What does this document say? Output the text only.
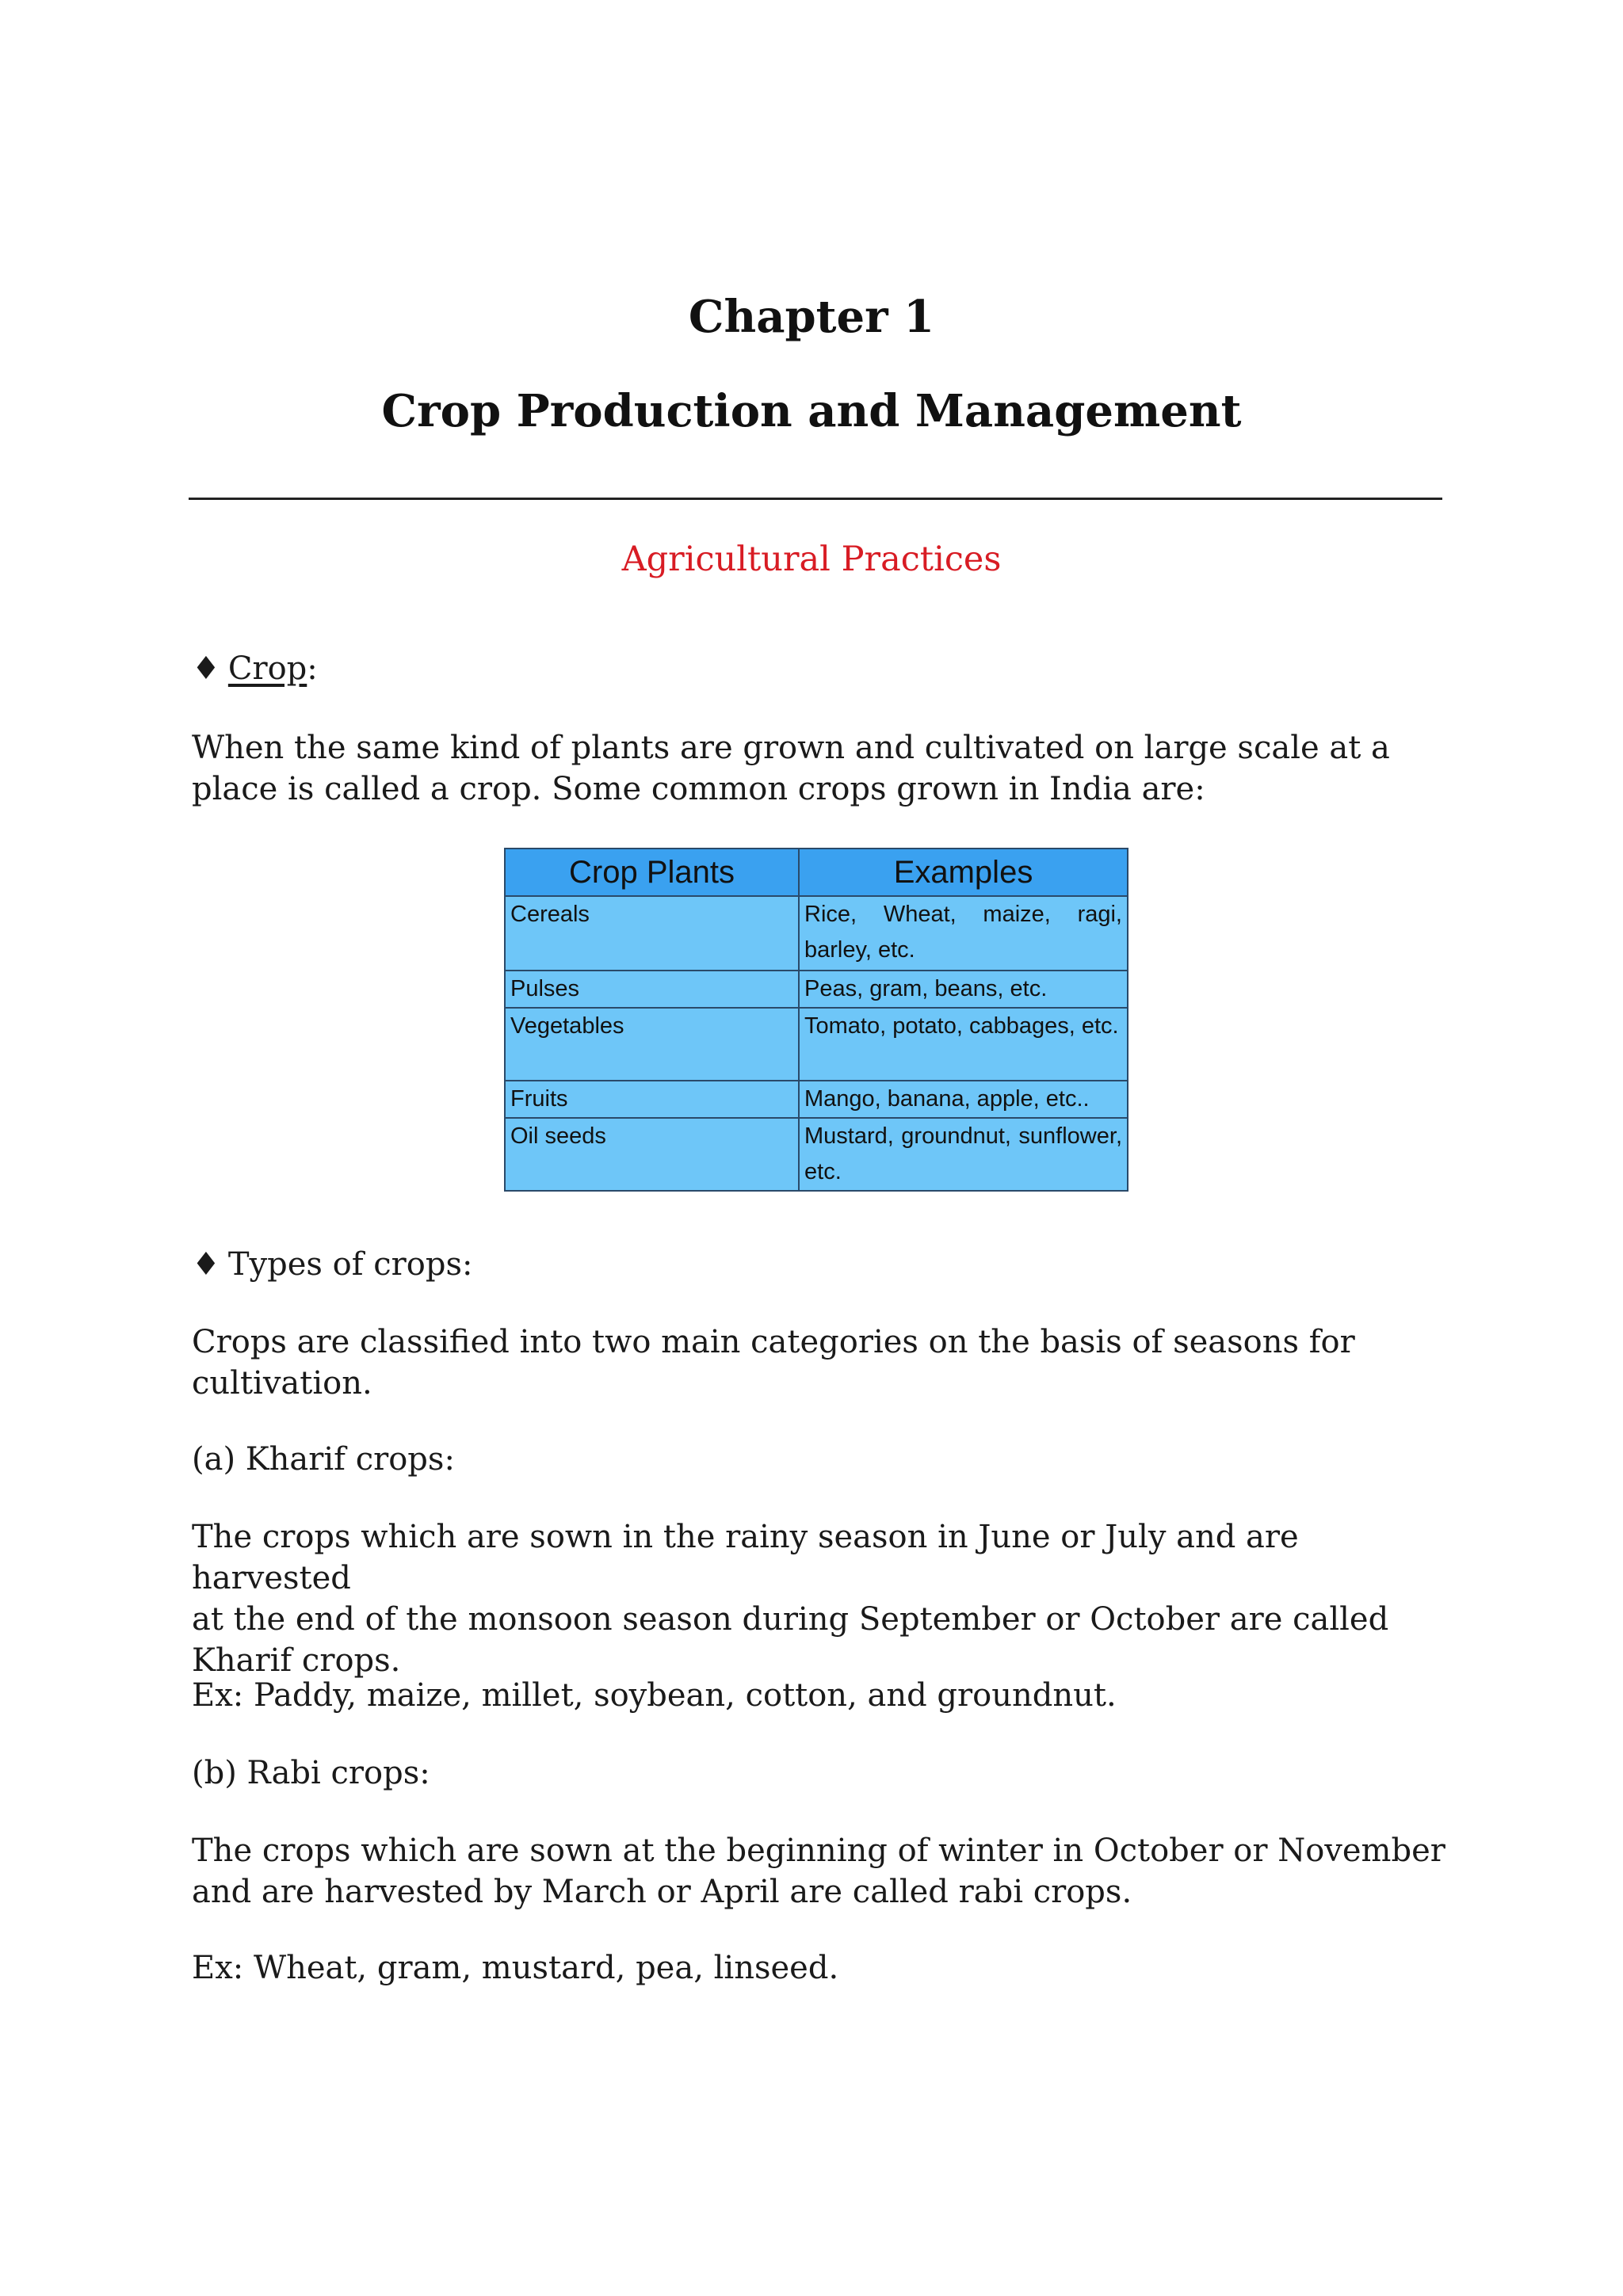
Chapter 1
Crop Production and Management
Agricultural Practices
♦ Crop:
When the same kind of plants are grown and cultivated on large scale at a
place is called a crop. Some common crops grown in India are:
Crop Plants	Examples
Cereals	Rice, Wheat, maize, ragi, barley, etc.
Pulses	Peas, gram, beans, etc.
Vegetables	Tomato, potato, cabbages, etc.
Fruits	Mango, banana, apple, etc..
Oil seeds	Mustard, groundnut, sunflower, etc.
♦ Types of crops:
Crops are classified into two main categories on the basis of seasons for
cultivation.
(a) Kharif crops:
The crops which are sown in the rainy season in June or July and are harvested
at the end of the monsoon season during September or October are called
Kharif crops.
Ex: Paddy, maize, millet, soybean, cotton, and groundnut.
(b) Rabi crops:
The crops which are sown at the beginning of winter in October or November
and are harvested by March or April are called rabi crops.
Ex: Wheat, gram, mustard, pea, linseed.
